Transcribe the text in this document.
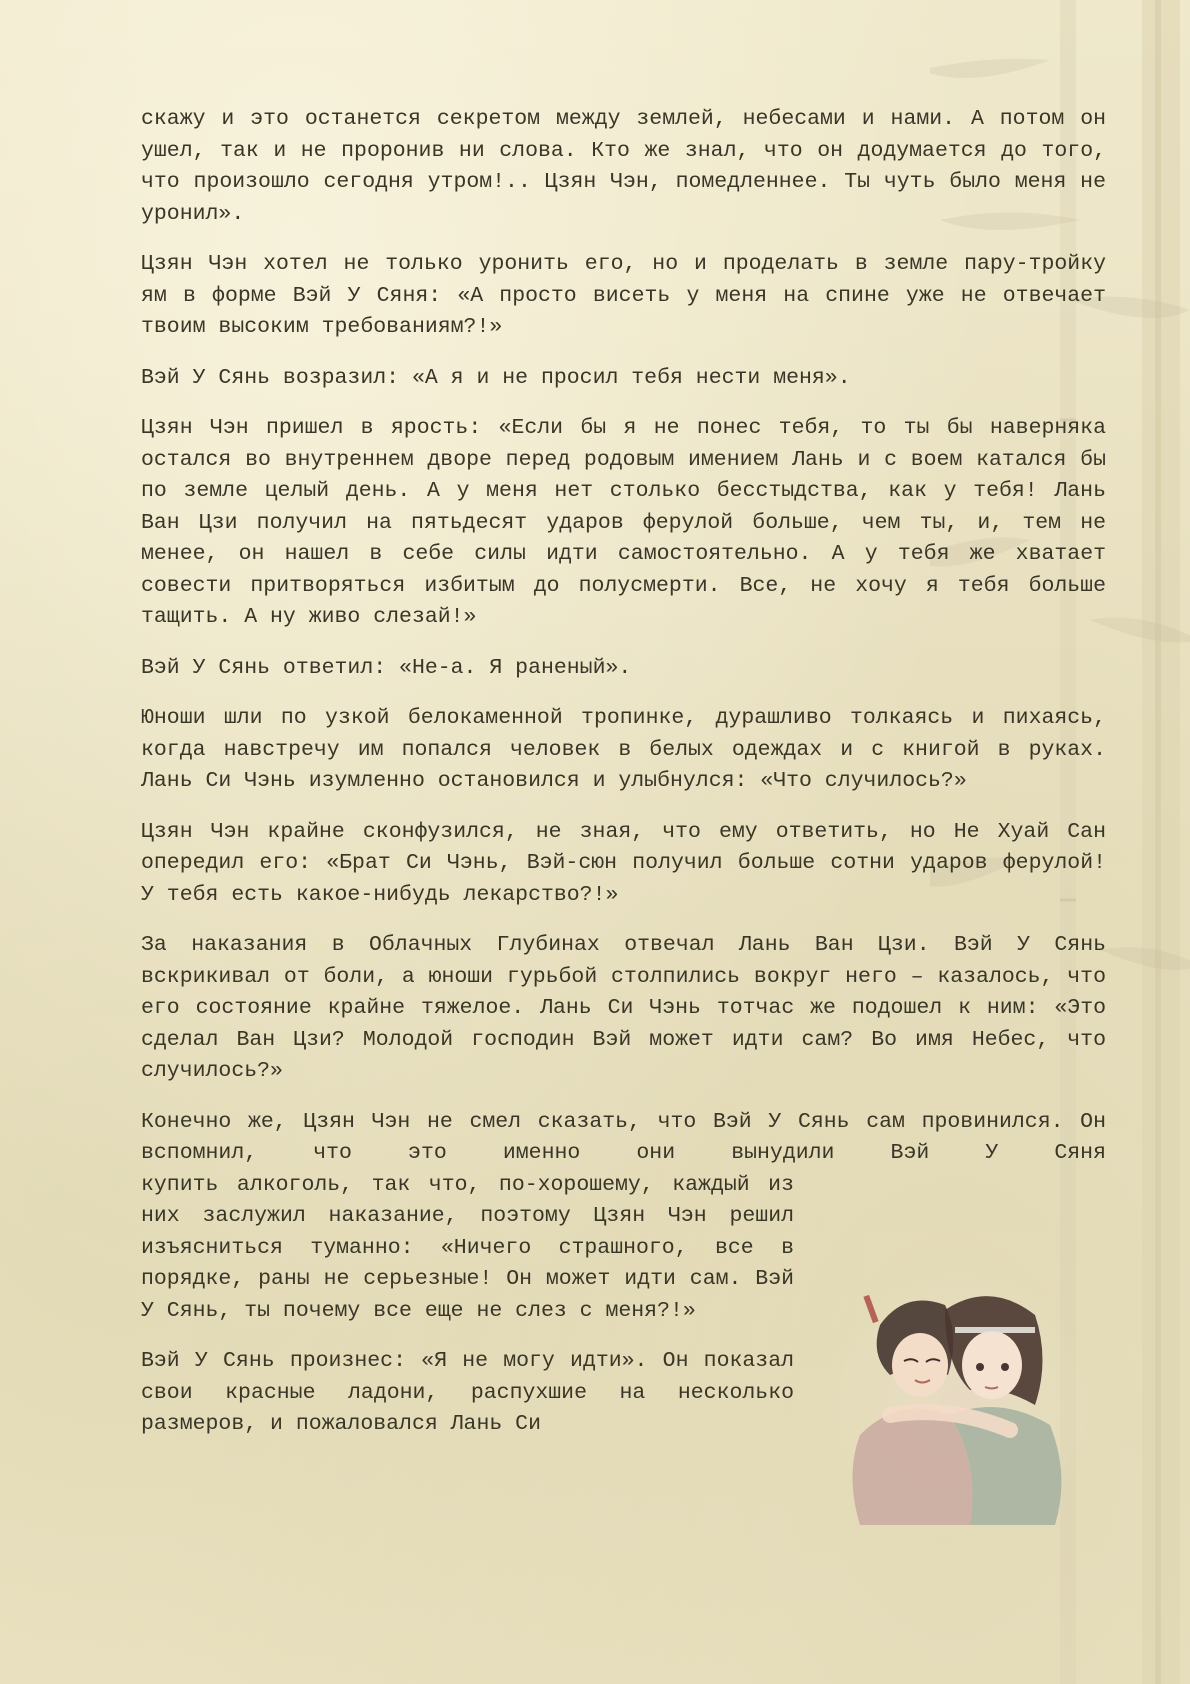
скажу и это останется секретом между землей, небесами и нами. А потом он ушел, так и не проронив ни слова. Кто же знал, что он додумается до того, что произошло сегодня утром!.. Цзян Чэн, помедленнее. Ты чуть было меня не уронил».

Цзян Чэн хотел не только уронить его, но и проделать в земле пару-тройку ям в форме Вэй У Сяня: «А просто висеть у меня на спине уже не отвечает твоим высоким требованиям?!»

Вэй У Сянь возразил: «А я и не просил тебя нести меня».

Цзян Чэн пришел в ярость: «Если бы я не понес тебя, то ты бы наверняка остался во внутреннем дворе перед родовым имением Лань и с воем катался бы по земле целый день. А у меня нет столько бесстыдства, как у тебя! Лань Ван Цзи получил на пятьдесят ударов ферулой больше, чем ты, и, тем не менее, он нашел в себе силы идти самостоятельно. А у тебя же хватает совести притворяться избитым до полусмерти. Все, не хочу я тебя больше тащить. А ну живо слезай!»

Вэй У Сянь ответил: «Не-а. Я раненый».

Юноши шли по узкой белокаменной тропинке, дурашливо толкаясь и пихаясь, когда навстречу им попался человек в белых одеждах и с книгой в руках. Лань Си Чэнь изумленно остановился и улыбнулся: «Что случилось?»

Цзян Чэн крайне сконфузился, не зная, что ему ответить, но Не Хуай Сан опередил его: «Брат Си Чэнь, Вэй-сюн получил больше сотни ударов ферулой! У тебя есть какое-нибудь лекарство?!»

За наказания в Облачных Глубинах отвечал Лань Ван Цзи. Вэй У Сянь вскрикивал от боли, а юноши гурьбой столпились вокруг него – казалось, что его состояние крайне тяжелое. Лань Си Чэнь тотчас же подошел к ним: «Это сделал Ван Цзи? Молодой господин Вэй может идти сам? Во имя Небес, что случилось?»

Конечно же, Цзян Чэн не смел сказать, что Вэй У Сянь сам провинился. Он вспомнил, что это именно они вынудили Вэй У Сяня

купить алкоголь, так что, по-хорошему, каждый из них заслужил наказание, поэтому Цзян Чэн решил изъясниться туманно: «Ничего страшного, все в порядке, раны не серьезные! Он может идти сам. Вэй У Сянь, ты почему все еще не слез с меня?!»

Вэй У Сянь произнес: «Я не могу идти». Он показал свои красные ладони, распухшие на несколько размеров, и пожаловался Лань Си
